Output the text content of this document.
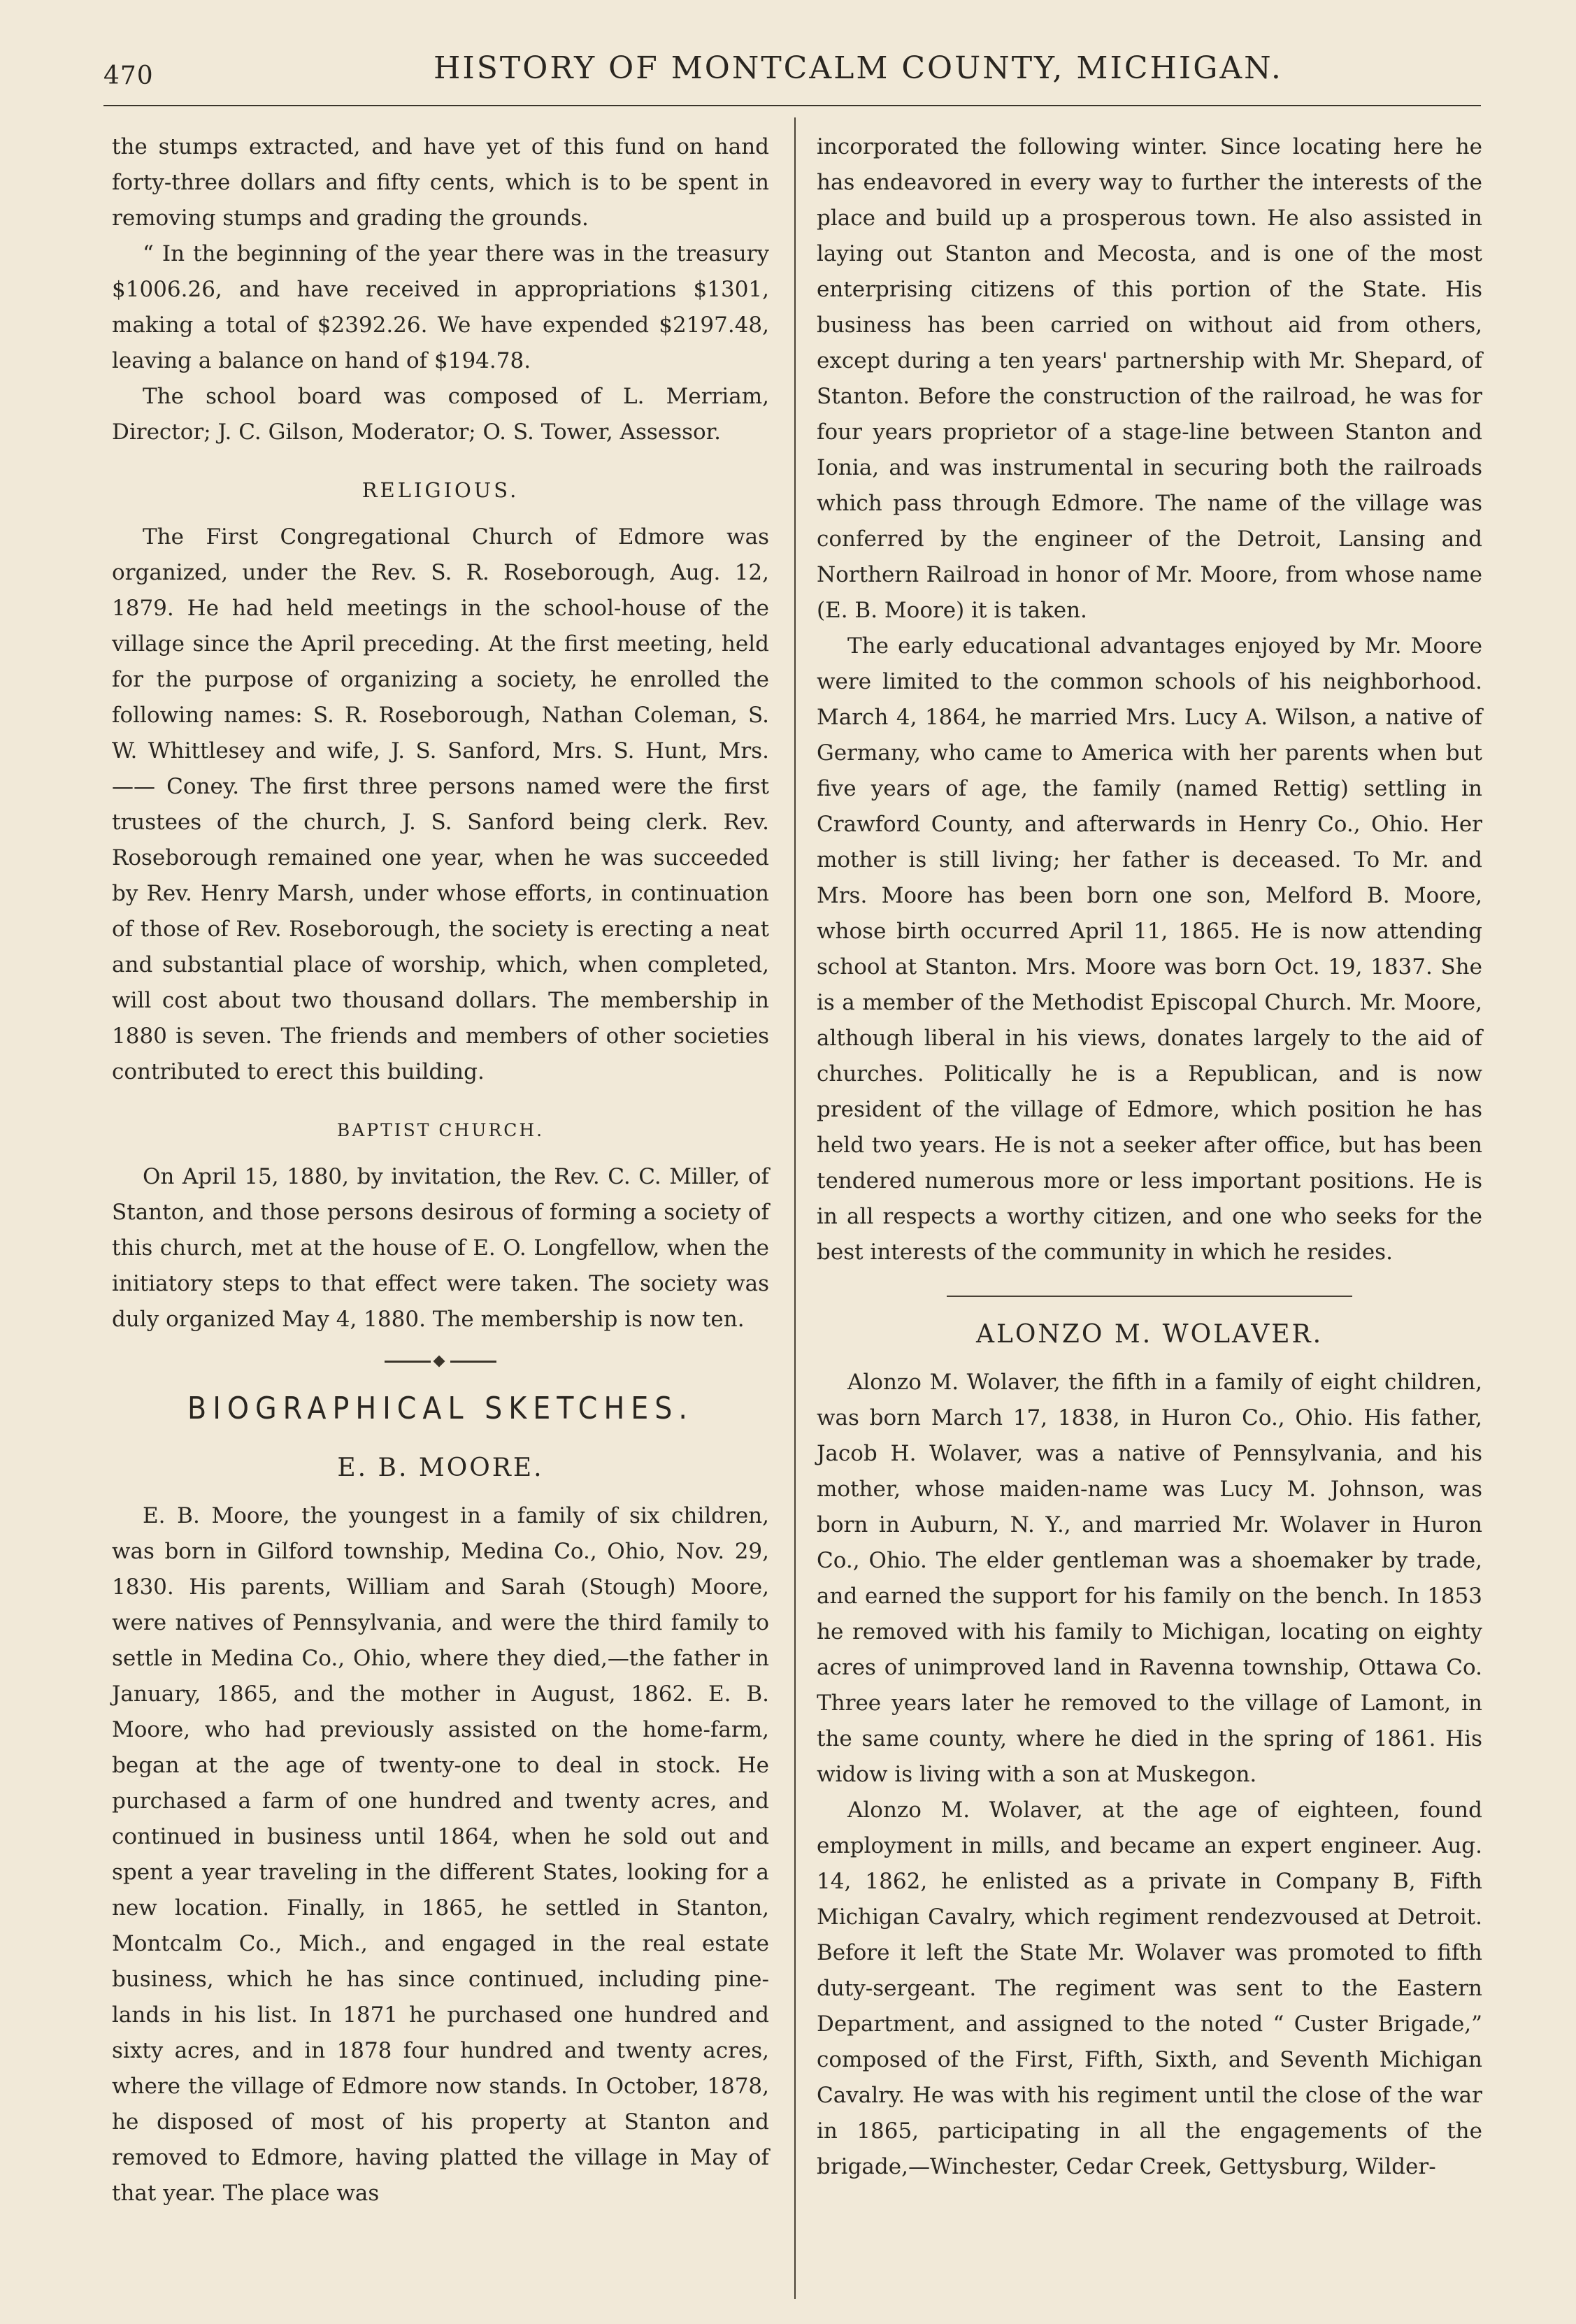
470	HISTORY OF MONTCALM COUNTY, MICHIGAN.

the stumps extracted, and have yet of this fund on hand forty-three dollars and fifty cents, which is to be spent in removing stumps and grading the grounds.

“ In the beginning of the year there was in the treasury $1006.26, and have received in appropriations $1301, making a total of $2392.26. We have expended $2197.48, leaving a balance on hand of $194.78.

The school board was composed of L. Merriam, Director; J. C. Gilson, Moderator; O. S. Tower, Assessor.

RELIGIOUS.

The First Congregational Church of Edmore was organized, under the Rev. S. R. Roseborough, Aug. 12, 1879. He had held meetings in the school-house of the village since the April preceding. At the first meeting, held for the purpose of organizing a society, he enrolled the following names: S. R. Roseborough, Nathan Coleman, S. W. Whittlesey and wife, J. S. Sanford, Mrs. S. Hunt, Mrs. —— Coney. The first three persons named were the first trustees of the church, J. S. Sanford being clerk. Rev. Roseborough remained one year, when he was succeeded by Rev. Henry Marsh, under whose efforts, in continuation of those of Rev. Roseborough, the society is erecting a neat and substantial place of worship, which, when completed, will cost about two thousand dollars. The membership in 1880 is seven. The friends and members of other societies contributed to erect this building.

BAPTIST CHURCH.

On April 15, 1880, by invitation, the Rev. C. C. Miller, of Stanton, and those persons desirous of forming a society of this church, met at the house of E. O. Longfellow, when the initiatory steps to that effect were taken. The society was duly organized May 4, 1880. The membership is now ten.

BIOGRAPHICAL SKETCHES.
E. B. MOORE.

E. B. Moore, the youngest in a family of six children, was born in Gilford township, Medina Co., Ohio, Nov. 29, 1830. His parents, William and Sarah (Stough) Moore, were natives of Pennsylvania, and were the third family to settle in Medina Co., Ohio, where they died,—the father in January, 1865, and the mother in August, 1862. E. B. Moore, who had previously assisted on the home-farm, began at the age of twenty-one to deal in stock. He purchased a farm of one hundred and twenty acres, and continued in business until 1864, when he sold out and spent a year traveling in the different States, looking for a new location. Finally, in 1865, he settled in Stanton, Montcalm Co., Mich., and engaged in the real estate business, which he has since continued, including pine-lands in his list. In 1871 he purchased one hundred and sixty acres, and in 1878 four hundred and twenty acres, where the village of Edmore now stands. In October, 1878, he disposed of most of his property at Stanton and removed to Edmore, having platted the village in May of that year. The place was

incorporated the following winter. Since locating here he has endeavored in every way to further the interests of the place and build up a prosperous town. He also assisted in laying out Stanton and Mecosta, and is one of the most enterprising citizens of this portion of the State. His business has been carried on without aid from others, except during a ten years' partnership with Mr. Shepard, of Stanton. Before the construction of the railroad, he was for four years proprietor of a stage-line between Stanton and Ionia, and was instrumental in securing both the railroads which pass through Edmore. The name of the village was conferred by the engineer of the Detroit, Lansing and Northern Railroad in honor of Mr. Moore, from whose name (E. B. Moore) it is taken.

The early educational advantages enjoyed by Mr. Moore were limited to the common schools of his neighborhood. March 4, 1864, he married Mrs. Lucy A. Wilson, a native of Germany, who came to America with her parents when but five years of age, the family (named Rettig) settling in Crawford County, and afterwards in Henry Co., Ohio. Her mother is still living; her father is deceased. To Mr. and Mrs. Moore has been born one son, Melford B. Moore, whose birth occurred April 11, 1865. He is now attending school at Stanton. Mrs. Moore was born Oct. 19, 1837. She is a member of the Methodist Episcopal Church. Mr. Moore, although liberal in his views, donates largely to the aid of churches. Politically he is a Republican, and is now president of the village of Edmore, which position he has held two years. He is not a seeker after office, but has been tendered numerous more or less important positions. He is in all respects a worthy citizen, and one who seeks for the best interests of the community in which he resides.

ALONZO M. WOLAVER.

Alonzo M. Wolaver, the fifth in a family of eight children, was born March 17, 1838, in Huron Co., Ohio. His father, Jacob H. Wolaver, was a native of Pennsylvania, and his mother, whose maiden-name was Lucy M. Johnson, was born in Auburn, N. Y., and married Mr. Wolaver in Huron Co., Ohio. The elder gentleman was a shoemaker by trade, and earned the support for his family on the bench. In 1853 he removed with his family to Michigan, locating on eighty acres of unimproved land in Ravenna township, Ottawa Co. Three years later he removed to the village of Lamont, in the same county, where he died in the spring of 1861. His widow is living with a son at Muskegon.

Alonzo M. Wolaver, at the age of eighteen, found employment in mills, and became an expert engineer. Aug. 14, 1862, he enlisted as a private in Company B, Fifth Michigan Cavalry, which regiment rendezvoused at Detroit. Before it left the State Mr. Wolaver was promoted to fifth duty-sergeant. The regiment was sent to the Eastern Department, and assigned to the noted “ Custer Brigade,” composed of the First, Fifth, Sixth, and Seventh Michigan Cavalry. He was with his regiment until the close of the war in 1865, participating in all the engagements of the brigade,—Winchester, Cedar Creek, Gettysburg, Wilder-
